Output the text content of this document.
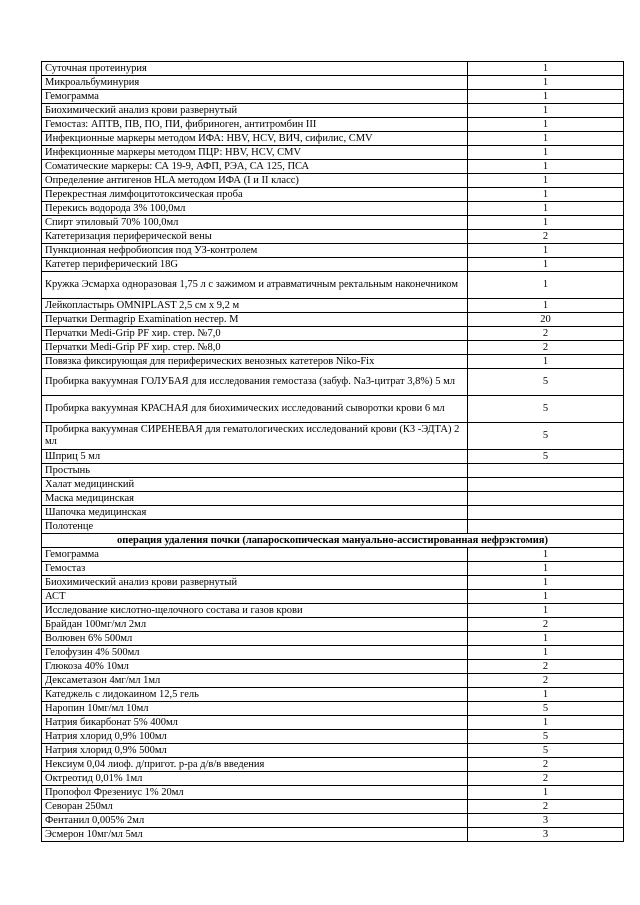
Суточная протеинурия	1
Микроальбуминурия	1
Гемограмма	1
Биохимический анализ крови развернутый	1
Гемостаз: АПТВ, ПВ, ПО, ПИ, фибриноген, антитромбин III	1
Инфекционные маркеры методом ИФА: HBV, HCV, ВИЧ, сифилис, CMV	1
Инфекционные маркеры методом ПЦР: HBV, HCV, CMV	1
Соматические маркеры: СА 19-9, АФП, РЭА, СА 125, ПСА	1
Определение антигенов HLA методом ИФА (I и II класс)	1
Перекрестная лимфоцитотоксическая проба	1
Перекись водорода 3% 100,0мл	1
Спирт этиловый 70% 100,0мл	1
Катетеризация периферической вены	2
Пункционная нефробиопсия под УЗ-контролем	1
Катетер периферический 18G	1
Кружка Эсмарха одноразовая 1,75 л с зажимом и атравматичным ректальным наконечником	1
Лейкопластырь OMNIPLAST 2,5 см х 9,2 м	1
Перчатки Dermagrip Examination нестер. M	20
Перчатки Medi-Grip PF хир. стер. №7,0	2
Перчатки Medi-Grip PF хир. стер. №8,0	2
Повязка фиксирующая для периферических венозных катетеров Niko-Fix	1
Пробирка вакуумная ГОЛУБАЯ для исследования гемостаза (забуф. Na3-цитрат 3,8%) 5 мл	5
Пробирка вакуумная КРАСНАЯ для биохимических исследований сыворотки крови 6 мл	5
Пробирка вакуумная СИРЕНЕВАЯ для гематологических исследований крови (К3 -ЭДТА) 2 мл	5
Шприц 5 мл	5
Простынь	
Халат медицинский	
Маска медицинская	
Шапочка медицинская	
Полотенце	
операция удаления почки (лапароскопическая мануально-ассистированная нефрэктомия)	
Гемограмма	1
Гемостаз	1
Биохимический анализ крови развернутый	1
АСТ	1
Исследование кислотно-щелочного состава и газов крови	1
Брайдан 100мг/мл 2мл	2
Волювен 6% 500мл	1
Гелофузин 4% 500мл	1
Глюкоза 40% 10мл	2
Дексаметазон 4мг/мл 1мл	2
Катеджель с лидокаином 12,5 гель	1
Наропин 10мг/мл 10мл	5
Натрия бикарбонат 5% 400мл	1
Натрия хлорид 0,9% 100мл	5
Натрия хлорид 0,9% 500мл	5
Нексиум 0,04 лиоф. д/пригот. р-ра д/в/в введения	2
Октреотид 0,01% 1мл	2
Пропофол Фрезениус 1% 20мл	1
Севоран 250мл	2
Фентанил 0,005% 2мл	3
Эсмерон 10мг/мл 5мл	3
